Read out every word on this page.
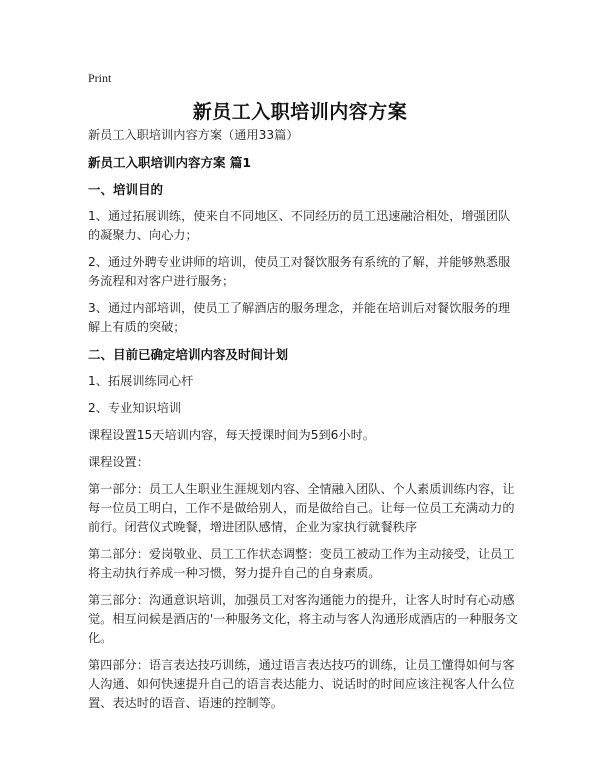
Print
新员工入职培训内容方案

新员工入职培训内容方案（通用33篇）

新员工入职培训内容方案 篇1

一、培训目的

1、通过拓展训练，使来自不同地区、不同经历的员工迅速融洽相处，增强团队的凝聚力、向心力；

2、通过外聘专业讲师的培训，使员工对餐饮服务有系统的了解，并能够熟悉服务流程和对客户进行服务；

3、通过内部培训，使员工了解酒店的服务理念，并能在培训后对餐饮服务的理解上有质的突破；

二、目前已确定培训内容及时间计划

1、拓展训练同心杆

2、专业知识培训

课程设置15天培训内容，每天授课时间为5到6小时。

课程设置：

第一部分：员工人生职业生涯规划内容、全情融入团队、个人素质训练内容，让每一位员工明白，工作不是做给别人，而是做给自己。让每一位员工充满动力的前行。闭营仪式晚餐，增进团队感情，企业为家执行就餐秩序

第二部分：爱岗敬业、员工工作状态调整：变员工被动工作为主动接受，让员工将主动执行养成一种习惯，努力提升自己的自身素质。

第三部分：沟通意识培训，加强员工对客沟通能力的提升，让客人时时有心动感觉。相互问候是酒店的'一种服务文化，将主动与客人沟通形成酒店的一种服务文化。

第四部分：语言表达技巧训练，通过语言表达技巧的训练，让员工懂得如何与客人沟通、如何快速提升自己的语言表达能力、说话时的时间应该注视客人什么位置、表达时的语音、语速的控制等。
